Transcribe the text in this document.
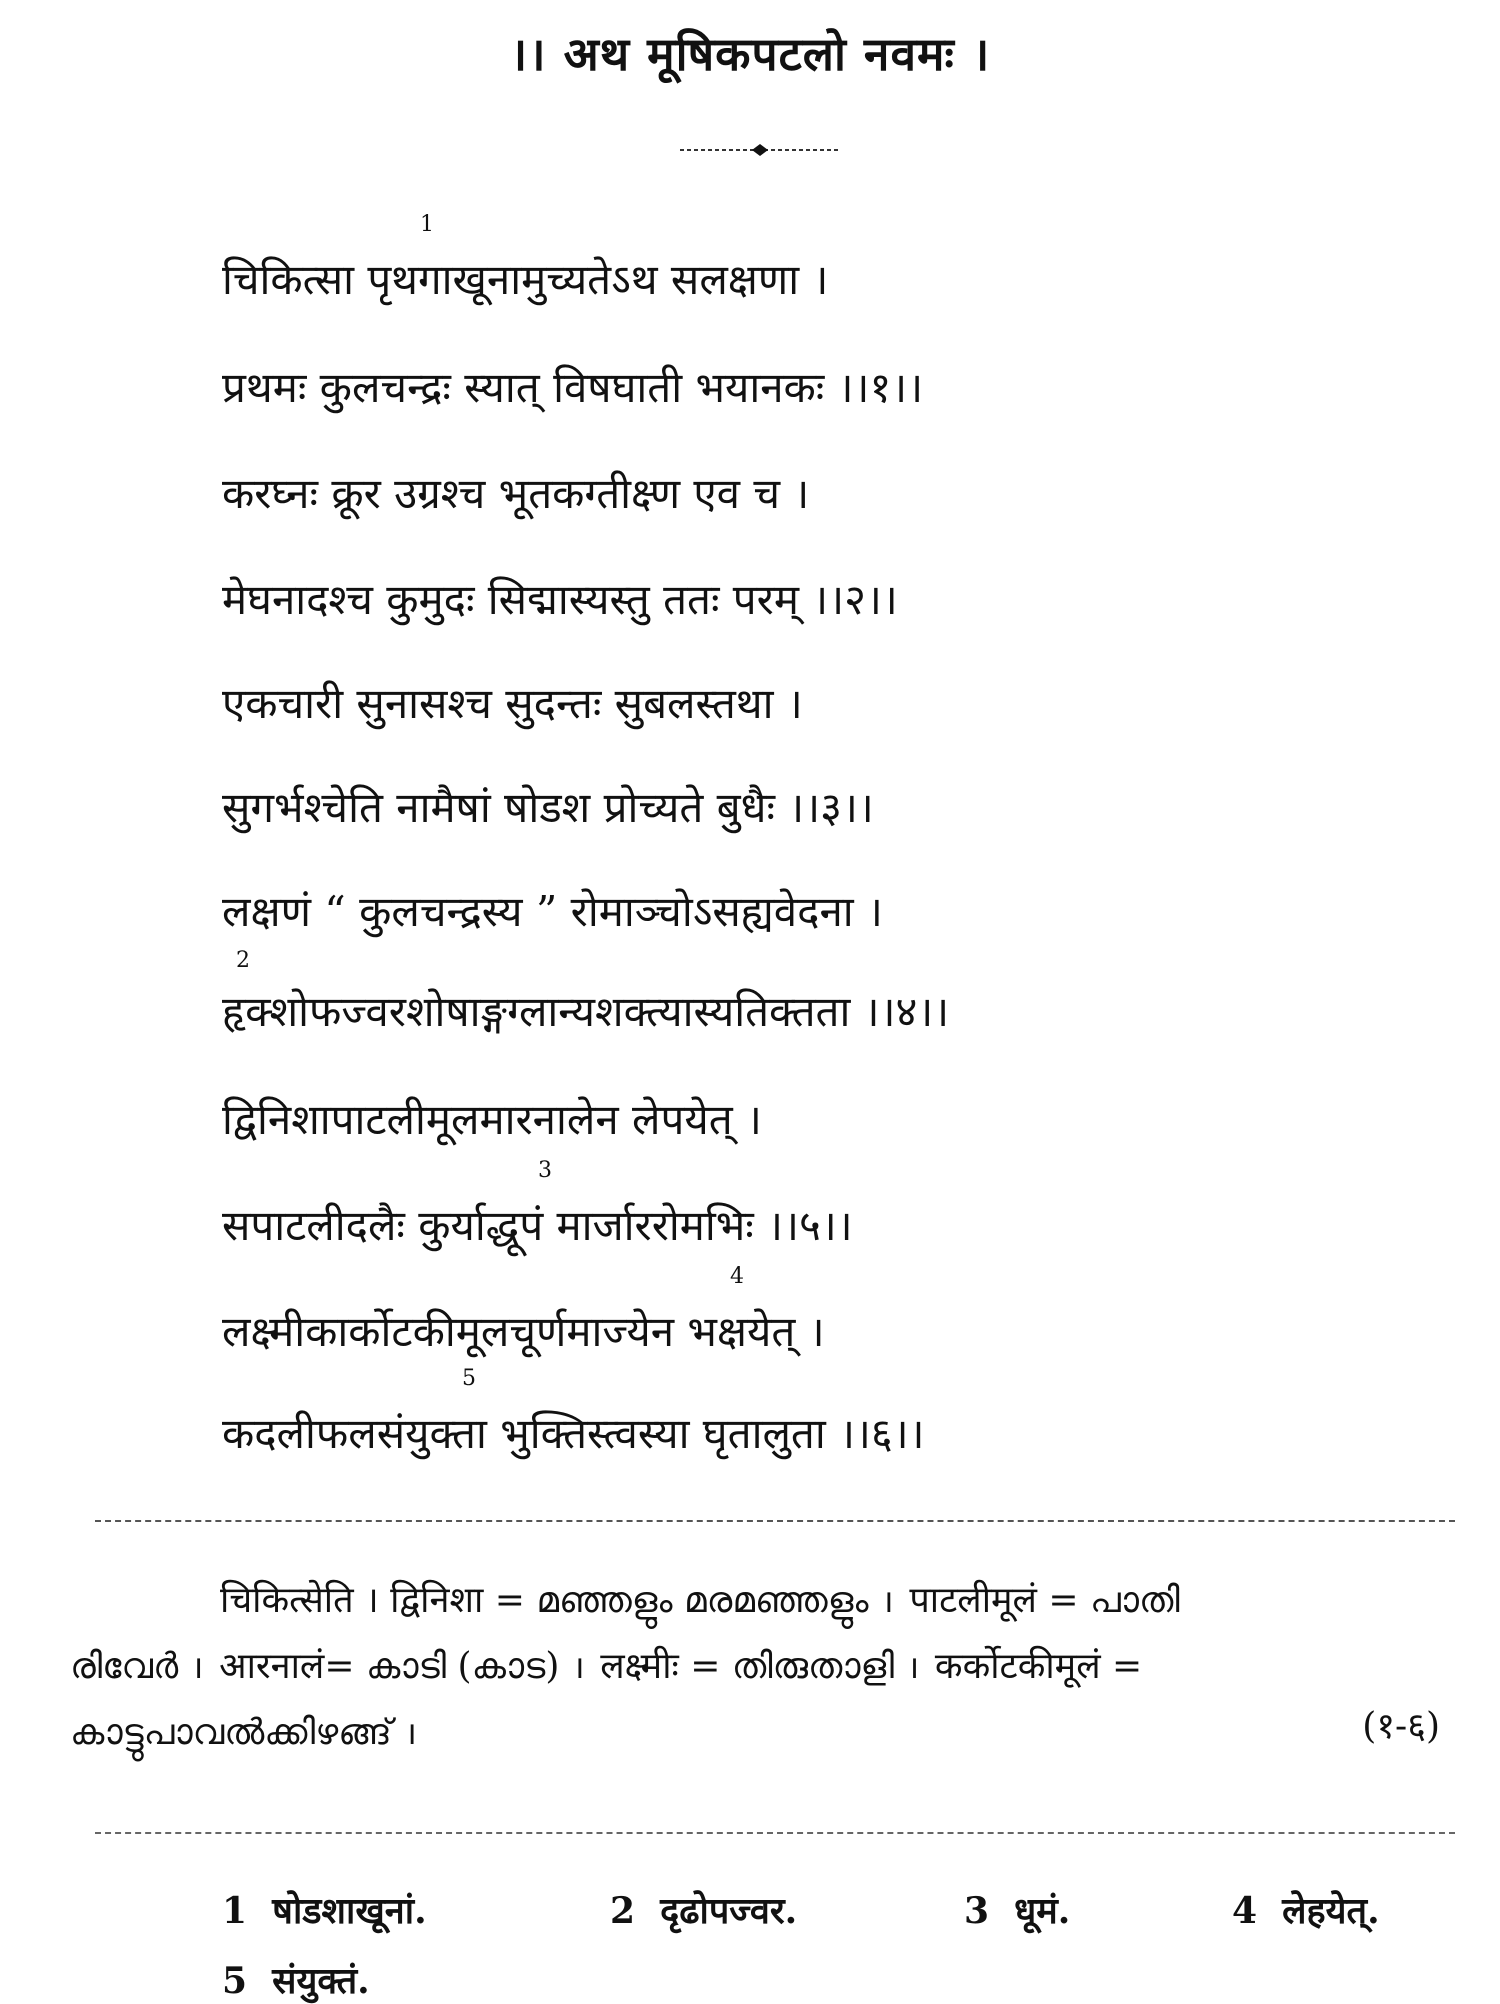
।। अथ मूषिकपटलो नवमः ।
1
चिकित्सा पृथगाखूनामुच्यतेऽथ सलक्षणा ।
प्रथमः कुलचन्द्रः स्यात् विषघाती भयानकः ।।१।।
करघ्नः क्रूर उग्रश्च भूतकग्तीक्ष्ण एव च ।
मेघनादश्च कुमुदः सिद्मास्यस्तु ततः परम् ।।२।।
एकचारी सुनासश्च सुदन्तः सुबलस्तथा ।
सुगर्भश्चेति नामैषां षोडश प्रोच्यते बुधैः ।।३।।
लक्षणं “ कुलचन्द्रस्य ” रोमाञ्चोऽसह्यवेदना ।
2
हृक्शोफज्वरशोषाङ्गग्लान्यशक्त्यास्यतिक्तता ।।४।।
द्विनिशापाटलीमूलमारनालेन लेपयेत् ।
3
सपाटलीदलैः कुर्याद्धूपं मार्जाररोमभिः ।।५।।
4
लक्ष्मीकार्कोटकीमूलचूर्णमाज्येन भक्षयेत् ।
5
कदलीफलसंयुक्ता भुक्तिस्त्वस्या घृतालुता ।।६।।
चिकित्सेति । द्विनिशा = മഞ്ഞളും മരമഞ്ഞളും । पाटलीमूलं = പാതി
രിവേർ । आरनालं= കാടി (കാട) । लक्ष्मीः = തിരുതാളി । कर्कोटकीमूलं =
കാട്ടുപാവൽക്കിഴങ്ങ് ।	(१-६)
1 षोडशाखूनां.	2 दृढोपज्वर.	3 धूमं.	4 लेहयेत्.
5 संयुक्तं.
